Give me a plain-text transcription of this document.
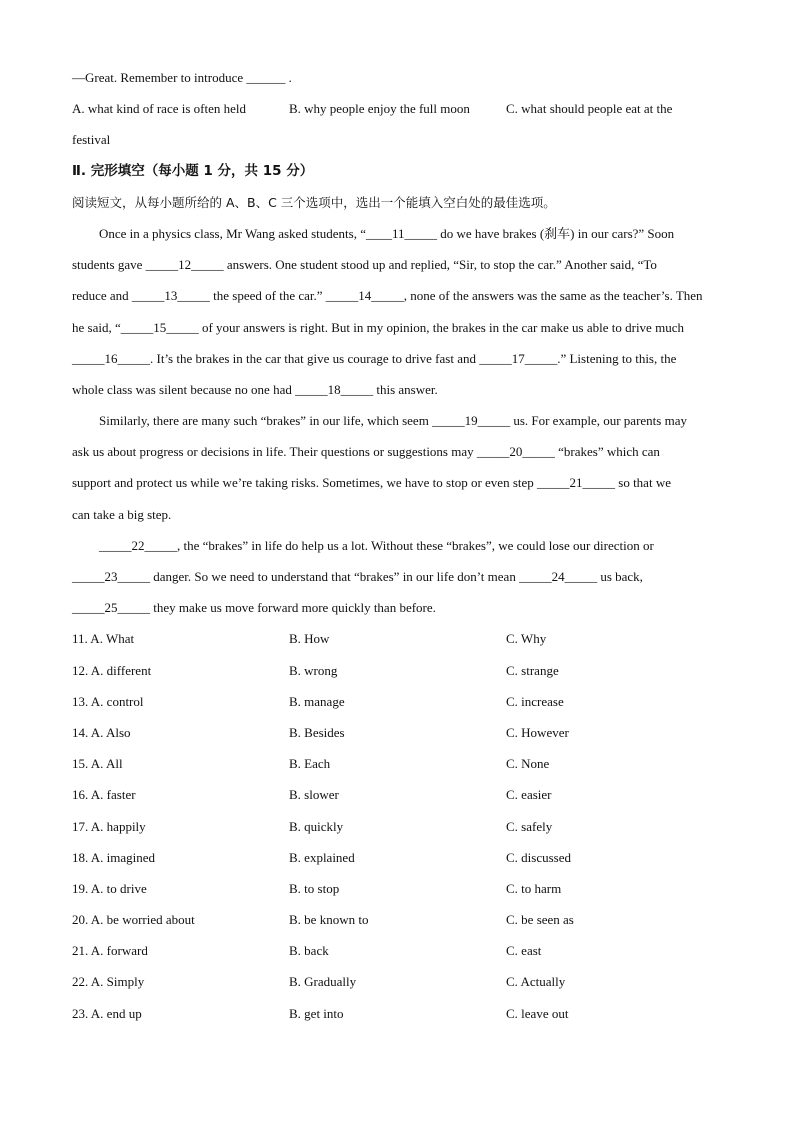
—Great. Remember to introduce ______ .
A. what kind of race is often held	B. why people enjoy the full moon	C. what should people eat at the
festival
Ⅱ. 完形填空（每小题 1 分，共 15 分）
阅读短文，从每小题所给的 A、B、C 三个选项中，选出一个能填入空白处的最佳选项。
Once in a physics class, Mr Wang asked students, “____11_____ do we have brakes (刹车) in our cars?” Soon
students gave _____12_____ answers. One student stood up and replied, “Sir, to stop the car.” Another said, “To
reduce and _____13_____ the speed of the car.” _____14_____, none of the answers was the same as the teacher’s. Then
he said, “_____15_____ of your answers is right. But in my opinion, the brakes in the car make us able to drive much
_____16_____. It’s the brakes in the car that give us courage to drive fast and _____17_____.” Listening to this, the
whole class was silent because no one had _____18_____ this answer.
Similarly, there are many such “brakes” in our life, which seem _____19_____ us. For example, our parents may
ask us about progress or decisions in life. Their questions or suggestions may _____20_____ “brakes” which can
support and protect us while we’re taking risks. Sometimes, we have to stop or even step _____21_____ so that we
can take a big step.
_____22_____, the “brakes” in life do help us a lot. Without these “brakes”, we could lose our direction or
_____23_____ danger. So we need to understand that “brakes” in our life don’t mean _____24_____ us back,
_____25_____ they make us move forward more quickly than before.
11. A. What	B. How	C. Why
12. A. different	B. wrong	C. strange
13. A. control	B. manage	C. increase
14. A. Also	B. Besides	C. However
15. A. All	B. Each	C. None
16. A. faster	B. slower	C. easier
17. A. happily	B. quickly	C. safely
18. A. imagined	B. explained	C. discussed
19. A. to drive	B. to stop	C. to harm
20. A. be worried about	B. be known to	C. be seen as
21. A. forward	B. back	C. east
22. A. Simply	B. Gradually	C. Actually
23. A. end up	B. get into	C. leave out
